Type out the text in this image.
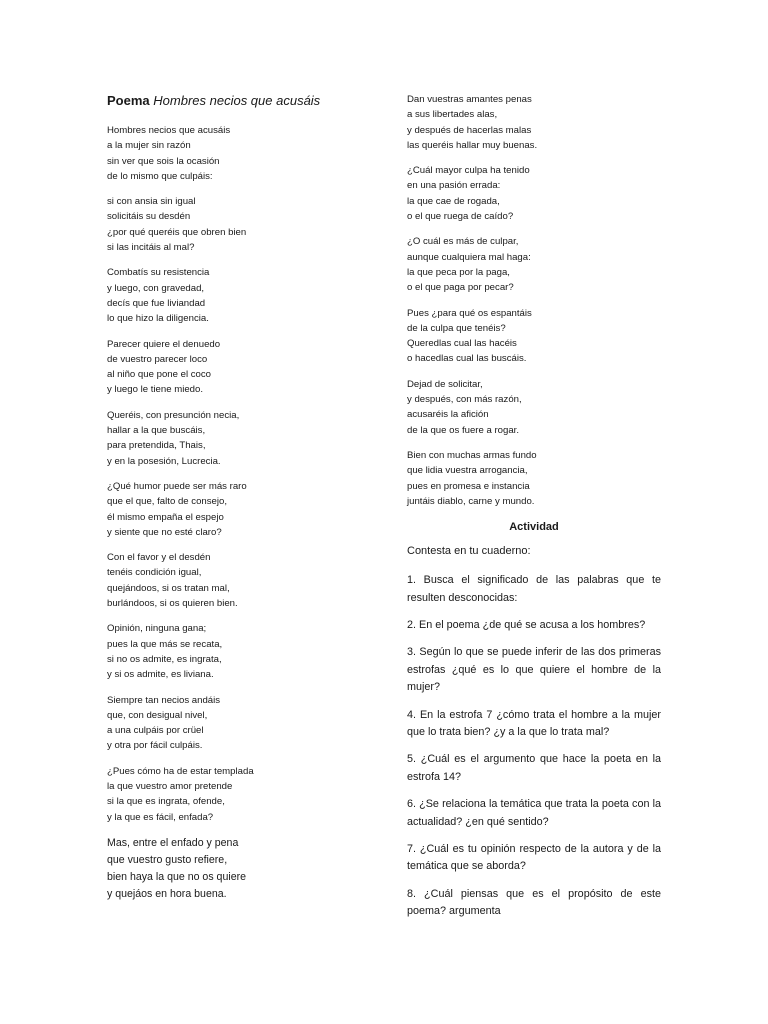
Poema Hombres necios que acusáis
Hombres necios que acusáis
a la mujer sin razón
sin ver que sois la ocasión
de lo mismo que culpáis:
si con ansia sin igual
solicitáis su desdén
¿por qué queréis que obren bien
si las incitáis al mal?
Combatís su resistencia
y luego, con gravedad,
decís que fue liviandad
lo que hizo la diligencia.
Parecer quiere el denuedo
de vuestro parecer loco
al niño que pone el coco
y luego le tiene miedo.
Queréis, con presunción necia,
hallar a la que buscáis,
para pretendida, Thais,
y en la posesión, Lucrecia.
¿Qué humor puede ser más raro
que el que, falto de consejo,
él mismo empaña el espejo
y siente que no esté claro?
Con el favor y el desdén
tenéis condición igual,
quejándoos, si os tratan mal,
burlándoos, si os quieren bien.
Opinión, ninguna gana;
pues la que más se recata,
si no os admite, es ingrata,
y si os admite, es liviana.
Siempre tan necios andáis
que, con desigual nivel,
a una culpáis por crüel
y otra por fácil culpáis.
¿Pues cómo ha de estar templada
la que vuestro amor pretende
si la que es ingrata, ofende,
y la que es fácil, enfada?
Mas, entre el enfado y pena
que vuestro gusto refiere,
bien haya la que no os quiere
y quejáos en hora buena.
Dan vuestras amantes penas
a sus libertades alas,
y después de hacerlas malas
las queréis hallar muy buenas.
¿Cuál mayor culpa ha tenido
en una pasión errada:
la que cae de rogada,
o el que ruega de caído?
¿O cuál es más de culpar,
aunque cualquiera mal haga:
la que peca por la paga,
o el que paga por pecar?
Pues ¿para qué os espantáis
de la culpa que tenéis?
Queredlas cual las hacéis
o hacedlas cual las buscáis.
Dejad de solicitar,
y después, con más razón,
acusaréis la afición
de la que os fuere a rogar.
Bien con muchas armas fundo
que lidia vuestra arrogancia,
pues en promesa e instancia
juntáis diablo, carne y mundo.
Actividad
Contesta en tu cuaderno:
1. Busca el significado de las palabras que te resulten desconocidas:
2. En el poema ¿de qué se acusa a los hombres?
3. Según lo que se puede inferir de las dos primeras estrofas ¿qué es lo que quiere el hombre de la mujer?
4. En la estrofa 7 ¿cómo trata el hombre a la mujer que lo trata bien? ¿y a la que lo trata mal?
5. ¿Cuál es el argumento que hace la poeta en la estrofa 14?
6. ¿Se relaciona la temática que trata la poeta con la actualidad? ¿en qué sentido?
7. ¿Cuál es tu opinión respecto de la autora y de la temática que se aborda?
8. ¿Cuál piensas que es el propósito de este poema? argumenta
